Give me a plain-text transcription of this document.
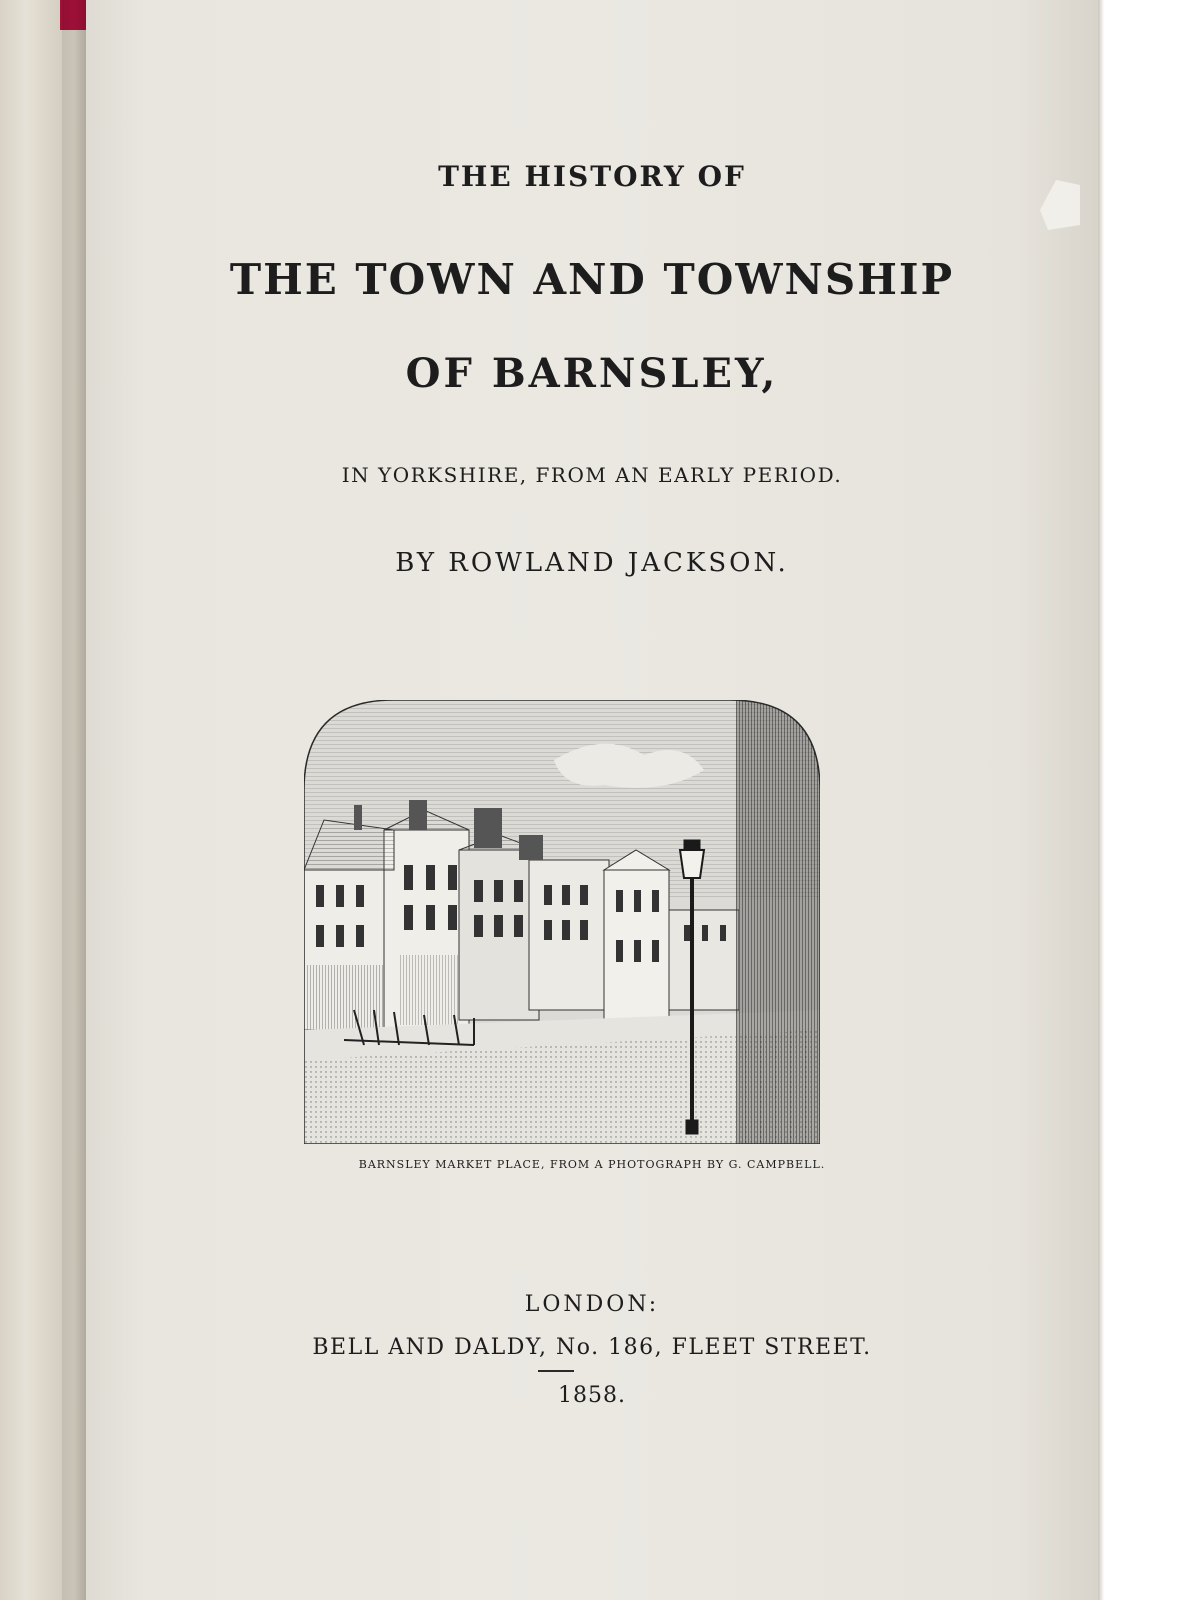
THE HISTORY OF
THE TOWN AND TOWNSHIP
OF BARNSLEY,
IN YORKSHIRE, FROM AN EARLY PERIOD.
BY ROWLAND JACKSON.
BARNSLEY MARKET PLACE, FROM A PHOTOGRAPH BY G. CAMPBELL.
LONDON:
BELL AND DALDY, No. 186, FLEET STREET.
1858.
